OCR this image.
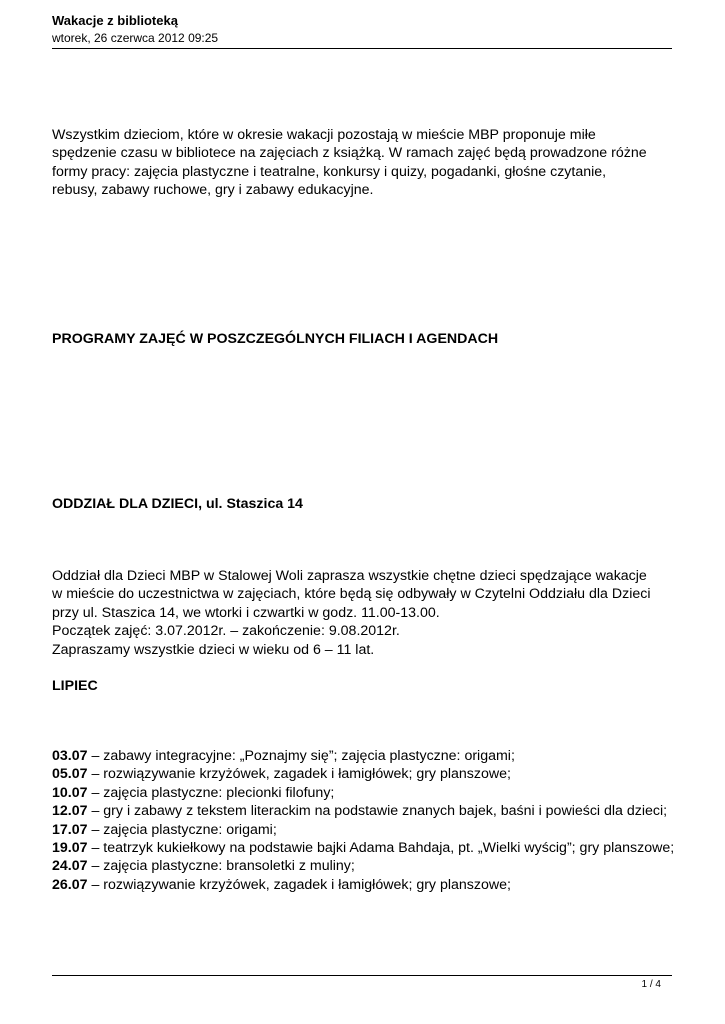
Wakacje z biblioteką
wtorek, 26 czerwca 2012 09:25

Wszystkim dzieciom, które w okresie wakacji pozostają w mieście MBP proponuje miłe

spędzenie czasu w bibliotece na zajęciach z książką. W ramach zajęć będą prowadzone różne

formy pracy: zajęcia plastyczne i teatralne, konkursy i quizy, pogadanki, głośne czytanie,

rebusy, zabawy ruchowe, gry i zabawy edukacyjne.

PROGRAMY ZAJĘĆ W POSZCZEGÓLNYCH FILIACH I AGENDACH
ODDZIAŁ DLA DZIECI, ul. Staszica 14

Oddział dla Dzieci MBP w Stalowej Woli zaprasza wszystkie chętne dzieci spędzające wakacje

w mieście do uczestnictwa w zajęciach, które będą się odbywały w Czytelni Oddziału dla Dzieci

przy ul. Staszica 14, we wtorki i czwartki w godz. 11.00-13.00.

Początek zajęć: 3.07.2012r. – zakończenie: 9.08.2012r.

Zapraszamy wszystkie dzieci w wieku od 6 – 11 lat.

LIPIEC
03.07 – zabawy integracyjne: „Poznajmy się”; zajęcia plastyczne: origami;
05.07 – rozwiązywanie krzyżówek, zagadek i łamigłówek; gry planszowe;
10.07 – zajęcia plastyczne: plecionki filofuny;
12.07 – gry i zabawy z tekstem literackim na podstawie znanych bajek, baśni i powieści dla dzieci;
17.07 – zajęcia plastyczne: origami;
19.07 – teatrzyk kukiełkowy na podstawie bajki Adama Bahdaja, pt. „Wielki wyścig”; gry planszowe;
24.07 – zajęcia plastyczne: bransoletki z muliny;
26.07 – rozwiązywanie krzyżówek, zagadek i łamigłówek; gry planszowe;
1 / 4
